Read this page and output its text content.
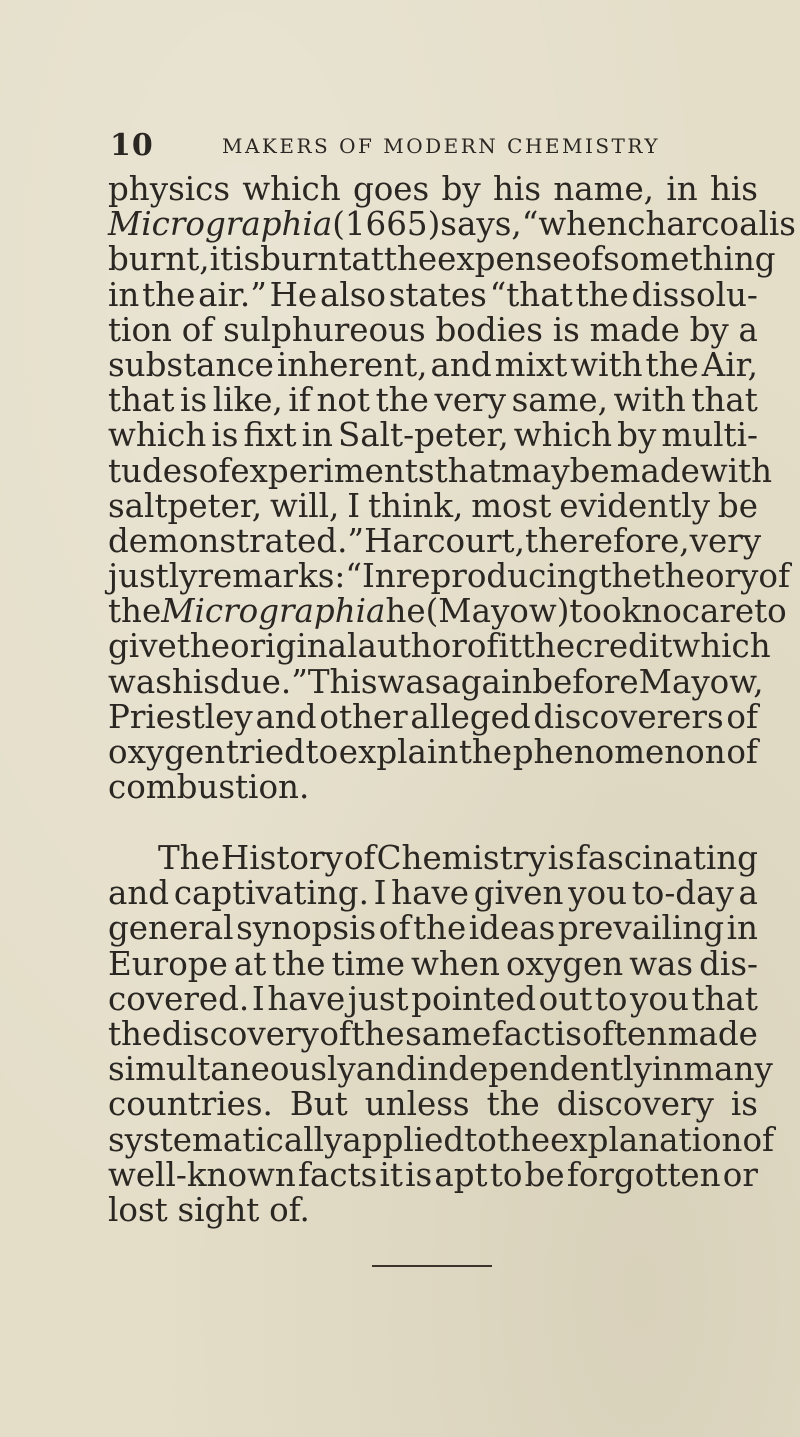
10	MAKERS OF MODERN CHEMISTRY
physics which goes by his name, in his
Micrographia (1665) says, “when charcoal is
burnt, it is burnt at the expense of something
in the air.” He also states “that the dissolu-
tion of sulphureous bodies is made by a
substance inherent, and mixt with the Air,
that is like, if not the very same, with that
which is fixt in Salt-peter, which by multi-
tudes of experiments that may be made with
saltpeter, will, I think, most evidently be
demonstrated.” Harcourt, therefore, very
justly remarks : “In reproducing the theory of
the Micrographia he (Mayow) took no care to
give the original author of it the credit which
was his due.” This was again before Mayow,
Priestley and other alleged discoverers of
oxygen tried to explain the phenomenon of
combustion.
The History of Chemistry is fascinating
and captivating. I have given you to-day a
general synopsis of the ideas prevailing in
Europe at the time when oxygen was dis-
covered. I have just pointed out to you that
the discovery of the same fact is often made
simultaneously and independently in many
countries. But unless the discovery is
systematically applied to the explanation of
well-known facts it is apt to be forgotten or
lost sight of.
